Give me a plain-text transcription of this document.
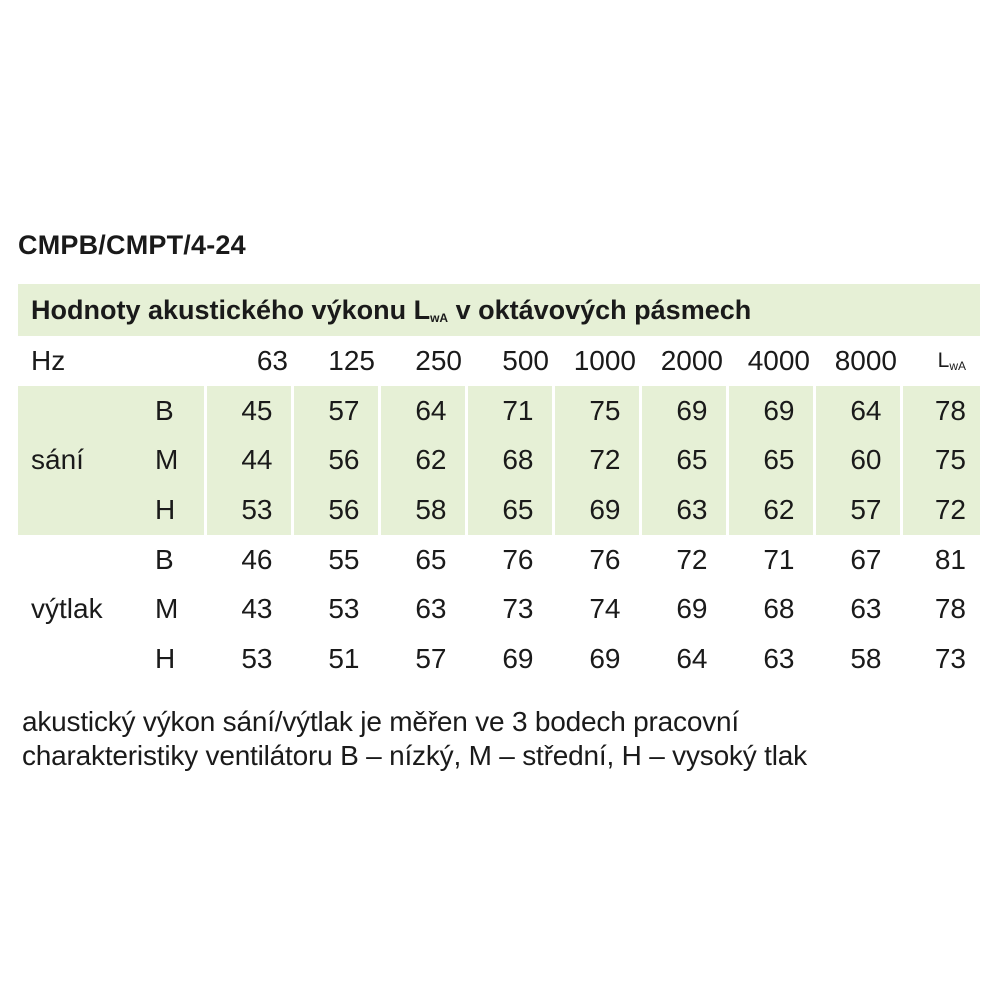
CMPB/CMPT/4-24
Hodnoty akustického výkonu $L_{wA}$ v oktávových pásmech										
Hz		63	125	250	500	1000	2000	4000	8000	$L_{wA}$
sání	B	45	57	64	71	75	69	69	64	78
	M	44	56	62	68	72	65	65	60	75
	H	53	56	58	65	69	63	62	57	72
výtlak	B	46	55	65	76	76	72	71	67	81
	M	43	53	63	73	74	69	68	63	78
	H	53	51	57	69	69	64	63	58	73
akustický výkon sání/výtlak je měřen ve 3 bodech pracovní
charakteristiky ventilátoru B – nízký, M – střední, H – vysoký tlak
